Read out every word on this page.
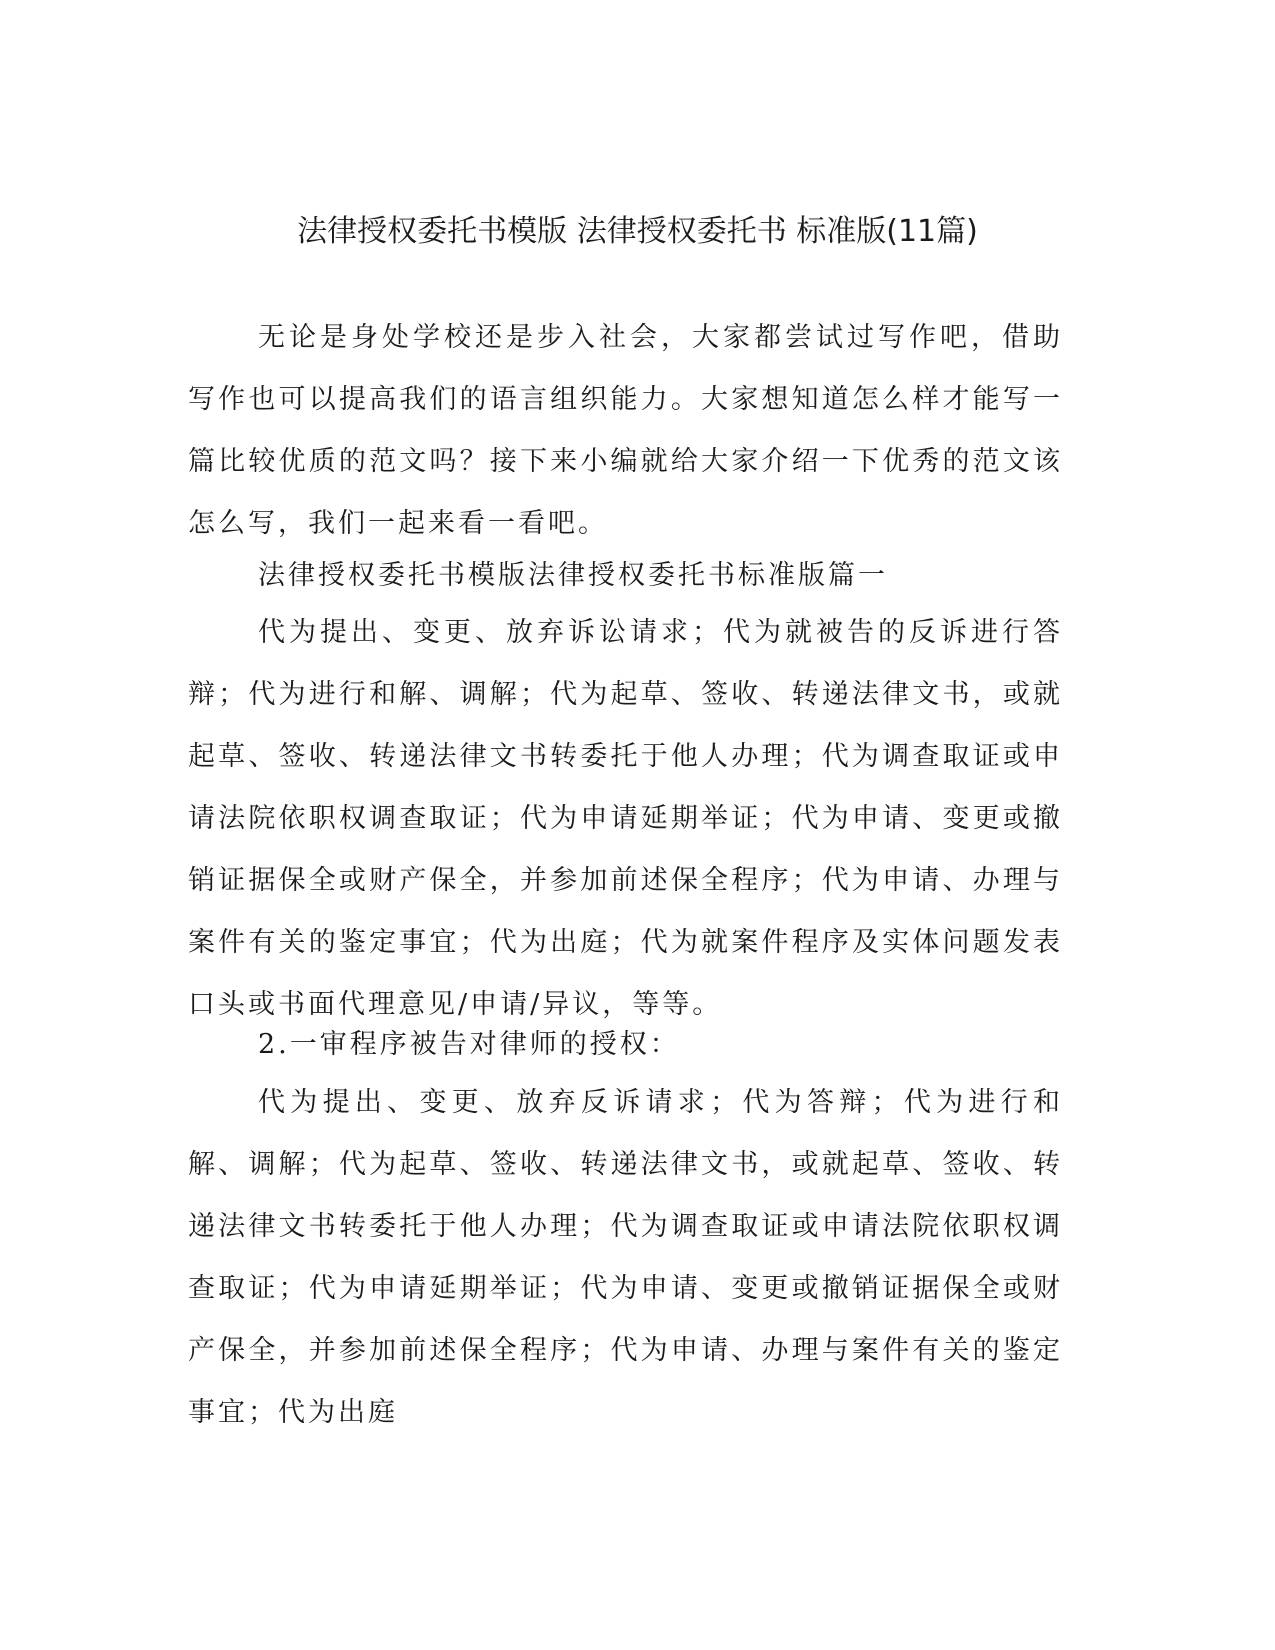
法律授权委托书模版 法律授权委托书 标准版(11篇)

无论是身处学校还是步入社会，大家都尝试过写作吧，借助写作也可以提高我们的语言组织能力。大家想知道怎么样才能写一篇比较优质的范文吗？接下来小编就给大家介绍一下优秀的范文该怎么写，我们一起来看一看吧。

法律授权委托书模版法律授权委托书标准版篇一

代为提出、变更、放弃诉讼请求；代为就被告的反诉进行答辩；代为进行和解、调解；代为起草、签收、转递法律文书，或就起草、签收、转递法律文书转委托于他人办理；代为调查取证或申请法院依职权调查取证；代为申请延期举证；代为申请、变更或撤销证据保全或财产保全，并参加前述保全程序；代为申请、办理与案件有关的鉴定事宜；代为出庭；代为就案件程序及实体问题发表口头或书面代理意见/申请/异议，等等。

2.一审程序被告对律师的授权：

代为提出、变更、放弃反诉请求；代为答辩；代为进行和解、调解；代为起草、签收、转递法律文书，或就起草、签收、转递法律文书转委托于他人办理；代为调查取证或申请法院依职权调查取证；代为申请延期举证；代为申请、变更或撤销证据保全或财产保全，并参加前述保全程序；代为申请、办理与案件有关的鉴定事宜；代为出庭
